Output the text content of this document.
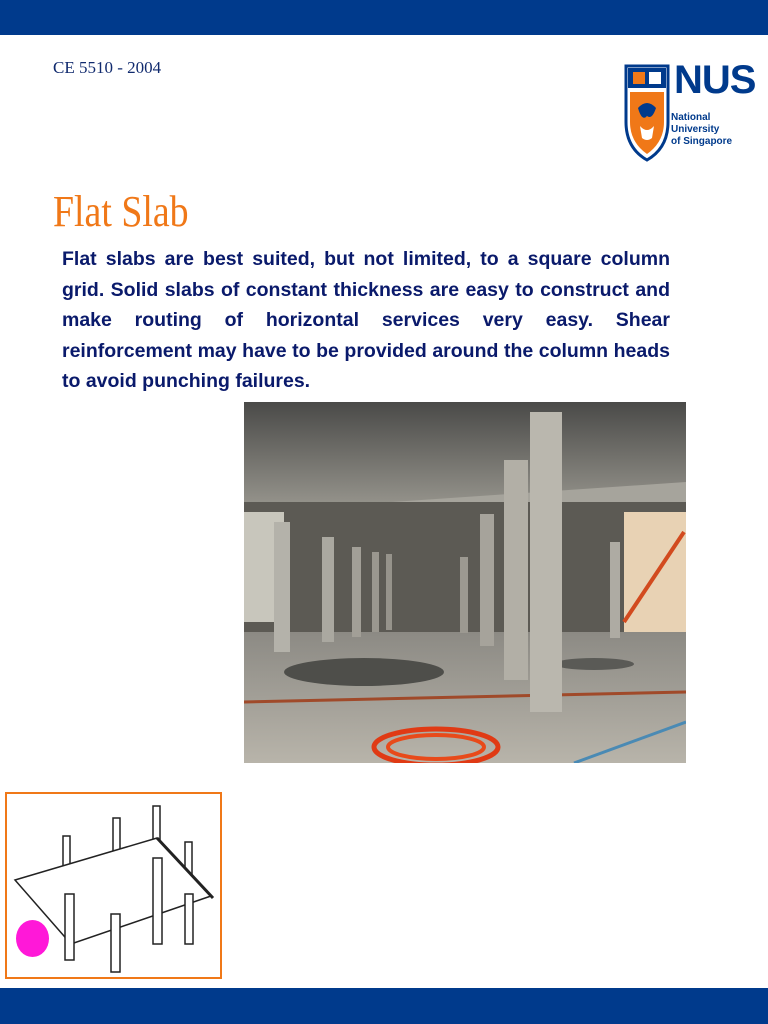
CE 5510 - 2004	NUS
National University
of Singapore
Flat Slab
Flat slabs are best suited, but not limited, to a square column grid. Solid slabs of constant thickness are easy to construct and make routing of horizontal services very easy. Shear reinforcement may have to be provided around the column heads to avoid punching failures.
